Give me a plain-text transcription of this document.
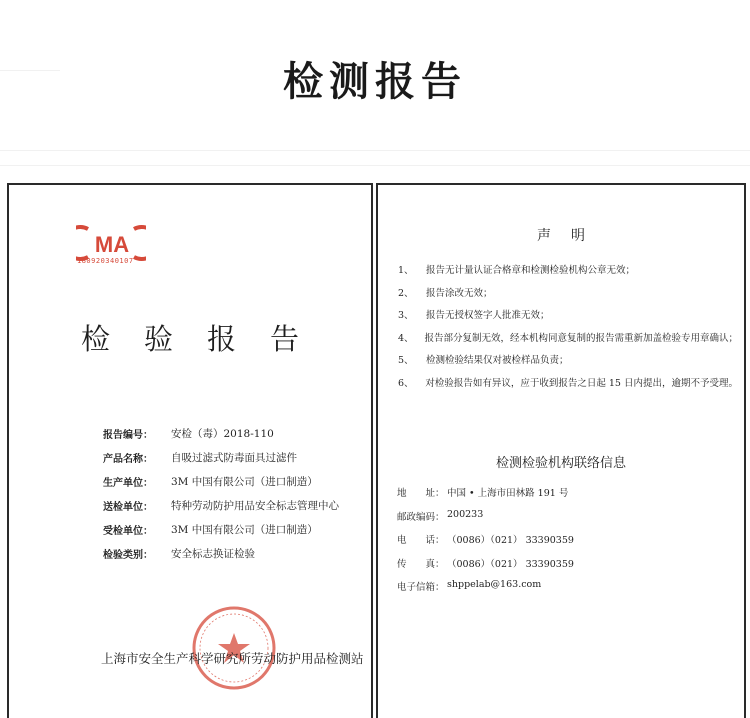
检测报告
MA
180920340107
检验报告
报告编号：	安检（毒）2018-110
产品名称：	自吸过滤式防毒面具过滤件
生产单位：	3M 中国有限公司（进口制造）
送检单位：	特种劳动防护用品安全标志管理中心
受检单位：	3M 中国有限公司（进口制造）
检验类别：	安全标志换证检验
上海市安全生产科学研究所劳动防护用品检测站
声明
1、	报告无计量认证合格章和检测检验机构公章无效；
2、	报告涂改无效；
3、	报告无授权签字人批准无效；
4、	报告部分复制无效，经本机构同意复制的报告需重新加盖检验专用章确认；
5、	检测检验结果仅对被检样品负责；
6、	对检验报告如有异议，应于收到报告之日起 15 日内提出，逾期不予受理。
检测检验机构联络信息
地　　址： 中国 • 上海市田林路 191 号
邮政编码： 200233
电　　话： （0086）（021） 33390359
传　　真： （0086）（021） 33390359
电子信箱： shppelab@163.com
